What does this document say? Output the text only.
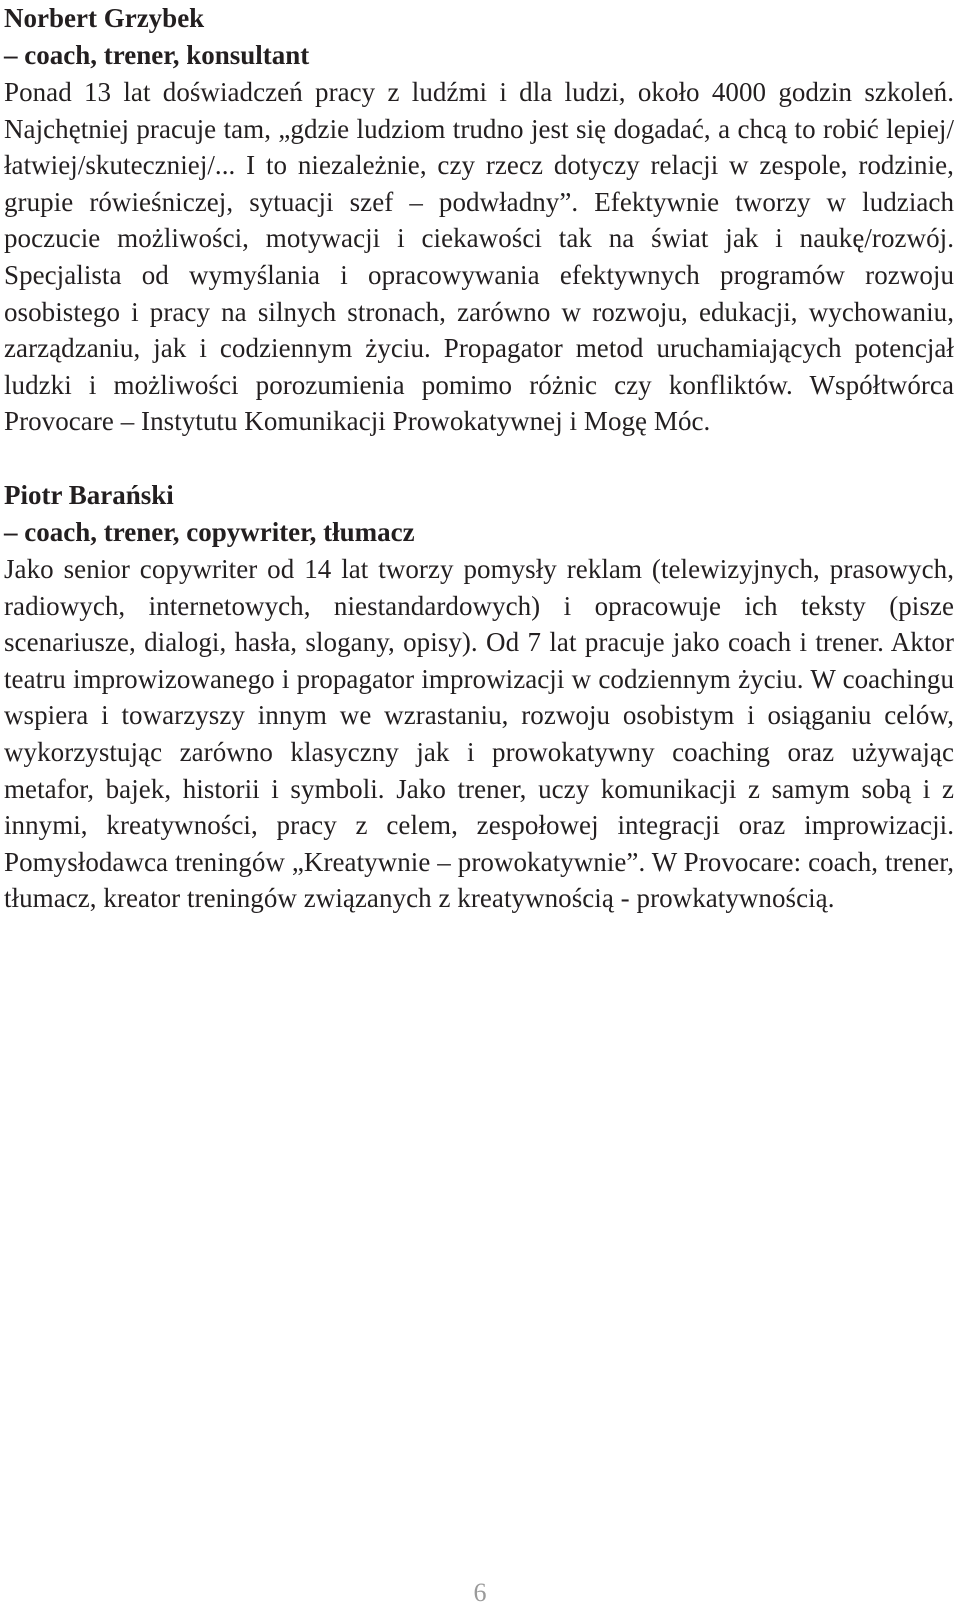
Norbert Grzybek
– coach, trener, konsultant

Ponad 13 lat doświadczeń pracy z ludźmi i dla ludzi, około 4000 godzin szkoleń. Najchętniej pracuje tam, „gdzie ludziom trudno jest się dogadać, a chcą to robić lepiej/łatwiej/skuteczniej/... I to niezależnie, czy rzecz dotyczy relacji w zespole, rodzinie, grupie rówieśniczej, sytuacji szef – podwładny”. Efektywnie tworzy w ludziach poczucie możliwości, motywacji i ciekawości tak na świat jak i naukę/rozwój. Specjalista od wymyślania i opracowywania efektywnych programów rozwoju osobistego i pracy na silnych stronach, zarówno w rozwoju, edukacji, wychowaniu, zarządzaniu, jak i codziennym życiu. Propagator metod uruchamiających potencjał ludzki i możliwości porozumienia pomimo różnic czy konfliktów. Współtwórca Provocare – Instytutu Komunikacji Prowokatywnej i Mogę Móc.

Piotr Barański
– coach, trener, copywriter, tłumacz

Jako senior copywriter od 14 lat tworzy pomysły reklam (telewizyjnych, prasowych, radiowych, internetowych, niestandardowych) i opracowuje ich teksty (pisze scenariusze, dialogi, hasła, slogany, opisy). Od 7 lat pracuje jako coach i trener. Aktor teatru improwizowanego i propagator improwizacji w codziennym życiu. W coachingu wspiera i towarzyszy innym we wzrastaniu, rozwoju osobistym i osiąganiu celów, wykorzystując zarówno klasyczny jak i prowokatywny coaching oraz używając metafor, bajek, historii i symboli. Jako trener, uczy komunikacji z samym sobą i z innymi, kreatywności, pracy z celem, zespołowej integracji oraz improwizacji. Pomysłodawca treningów „Kreatywnie – prowokatywnie”. W Provocare: coach, trener, tłumacz, kreator treningów związanych z kreatywnością - prowkatywnością.

6
